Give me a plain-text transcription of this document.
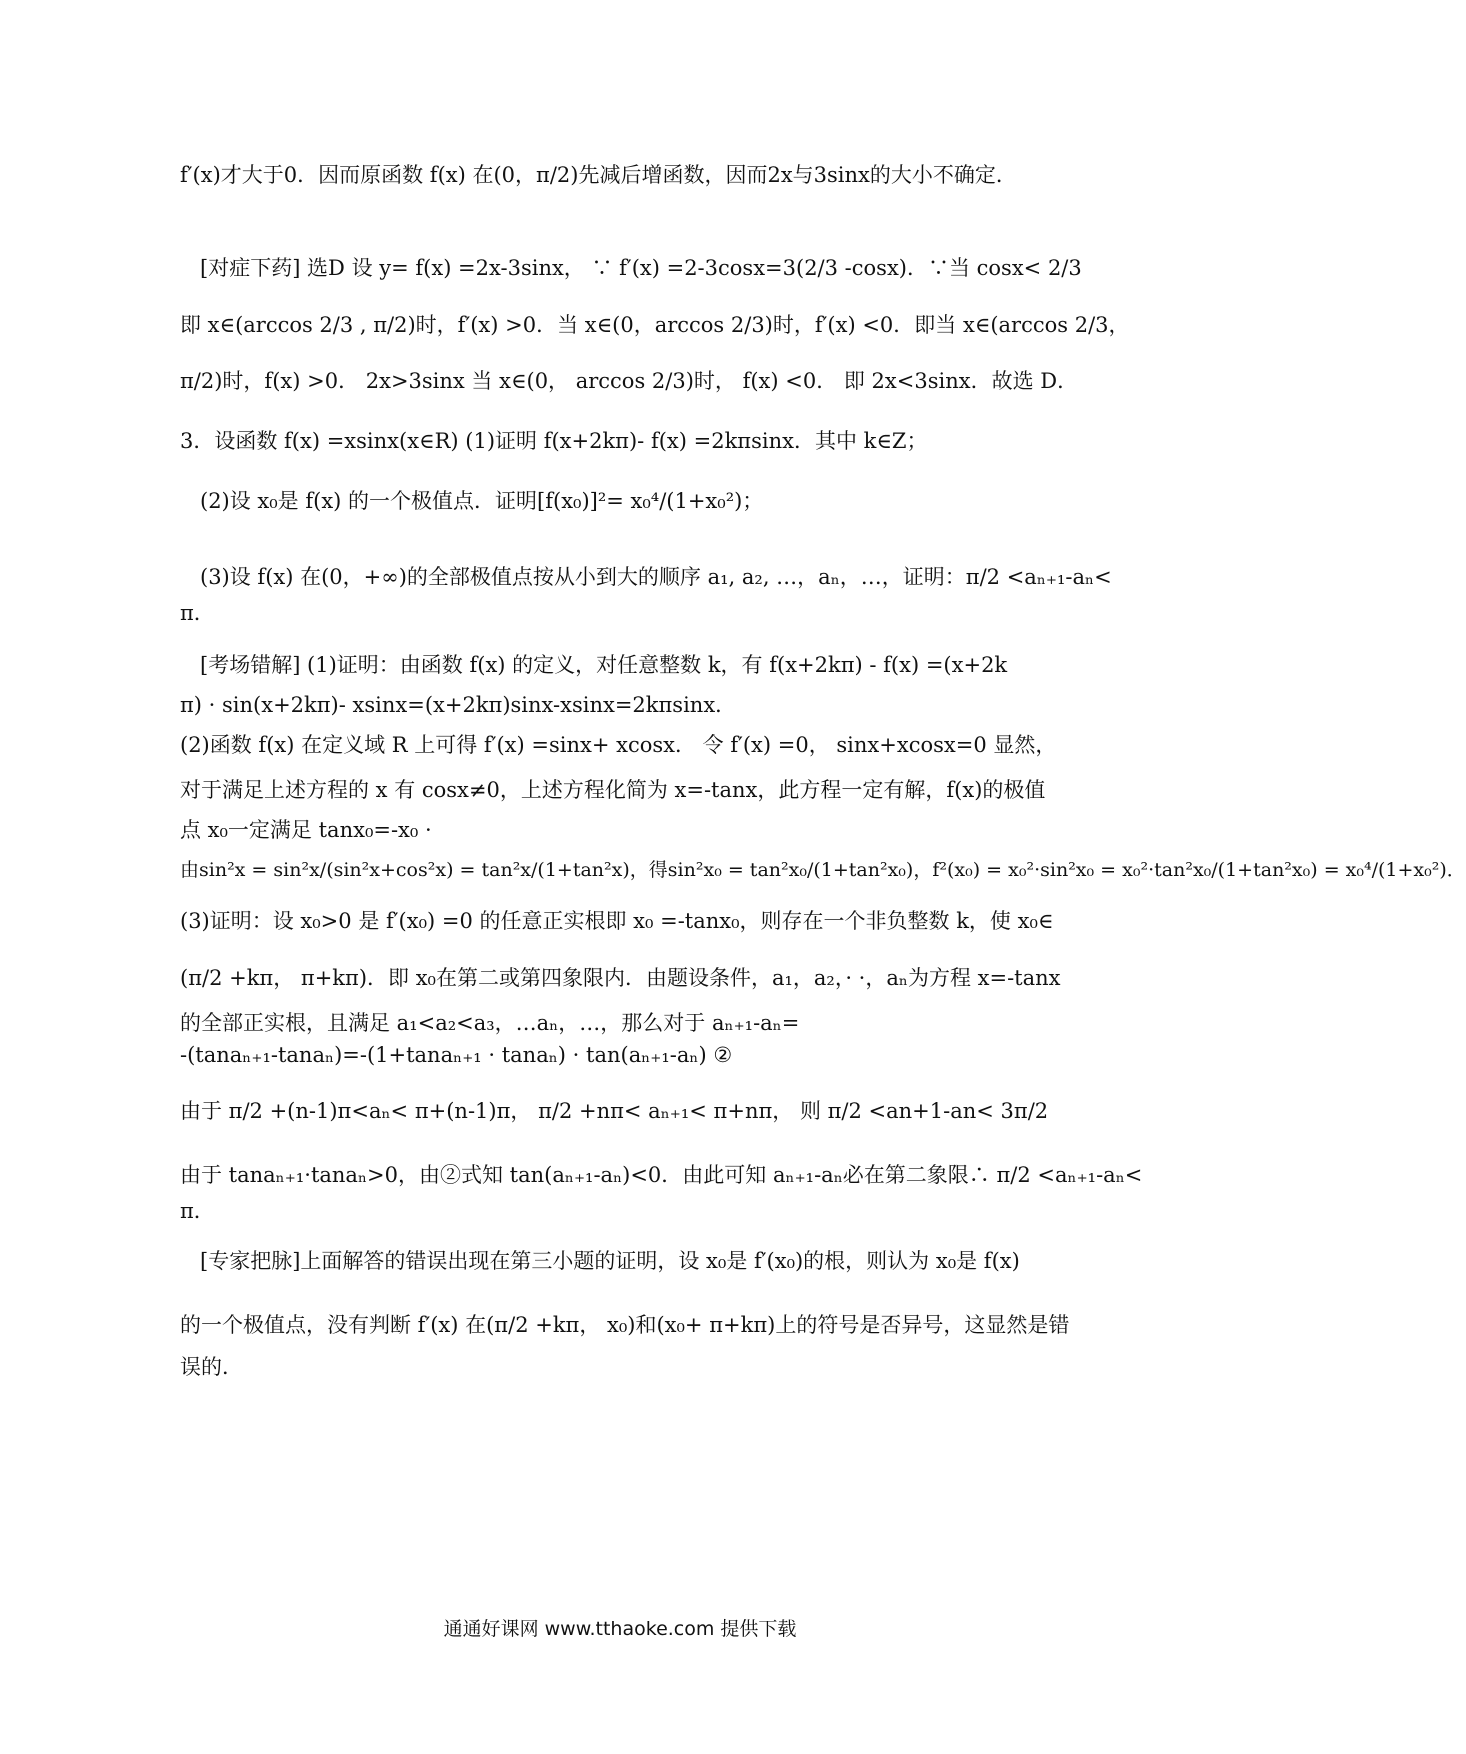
f′(x)才大于0．因而原函数 f(x) 在(0，π/2)先减后增函数，因而2x与3sinx的大小不确定．
[对症下药] 选D 设 y= f(x) =2x-3sinx， ∵ f′(x) =2-3cosx=3(2/3 -cosx)．∵当 cosx< 2/3
即 x∈(arccos 2/3 , π/2)时，f′(x) >0．当 x∈(0，arccos 2/3)时，f′(x) <0．即当 x∈(arccos 2/3，
π/2)时，f(x) >0． 2x>3sinx 当 x∈(0， arccos 2/3)时， f(x) <0． 即 2x<3sinx．故选 D．
3．设函数 f(x) =xsinx(x∈R) (1)证明 f(x+2kπ)- f(x) =2kπsinx．其中 k∈Z；
(2)设 x₀是 f(x) 的一个极值点．证明[f(x₀)]²= x₀⁴/(1+x₀²)；
(3)设 f(x) 在(0，+∞)的全部极值点按从小到大的顺序 a₁, a₂, …，aₙ，…，证明：π/2 <aₙ₊₁-aₙ<
π．
[考场错解] (1)证明：由函数 f(x) 的定义，对任意整数 k，有 f(x+2kπ) - f(x) =(x+2k
π) · sin(x+2kπ)- xsinx=(x+2kπ)sinx-xsinx=2kπsinx．
(2)函数 f(x) 在定义域 R 上可得 f′(x) =sinx+ xcosx． 令 f′(x) =0， sinx+xcosx=0 显然，
对于满足上述方程的 x 有 cosx≠0，上述方程化简为 x=-tanx，此方程一定有解，f(x)的极值
点 x₀一定满足 tanx₀=-x₀ ·
由sin²x = sin²x/(sin²x+cos²x) = tan²x/(1+tan²x)，得sin²x₀ = tan²x₀/(1+tan²x₀)，f²(x₀) = x₀²·sin²x₀ = x₀²·tan²x₀/(1+tan²x₀) = x₀⁴/(1+x₀²)．
(3)证明：设 x₀>0 是 f′(x₀) =0 的任意正实根即 x₀ =-tanx₀，则存在一个非负整数 k，使 x₀∈
(π/2 +kπ， π+kπ)．即 x₀在第二或第四象限内．由题设条件，a₁，a₂，· ·，aₙ为方程 x=-tanx
的全部正实根，且满足 a₁<a₂<a₃，…aₙ，…，那么对于 aₙ₊₁-aₙ=
-(tanaₙ₊₁-tanaₙ)=-(1+tanaₙ₊₁ · tanaₙ) · tan(aₙ₊₁-aₙ) ②
由于 π/2 +(n-1)π<aₙ< π+(n-1)π， π/2 +nπ< aₙ₊₁< π+nπ， 则 π/2 <an+1-an< 3π/2
由于 tanaₙ₊₁·tanaₙ>0，由②式知 tan(aₙ₊₁-aₙ)<0．由此可知 aₙ₊₁-aₙ必在第二象限∴ π/2 <aₙ₊₁-aₙ<
π．
[专家把脉]上面解答的错误出现在第三小题的证明，设 x₀是 f′(x₀)的根，则认为 x₀是 f(x)
的一个极值点，没有判断 f′(x) 在(π/2 +kπ， x₀)和(x₀+ π+kπ)上的符号是否异号，这显然是错
误的．
通通好课网 www.tthaoke.com 提供下载
